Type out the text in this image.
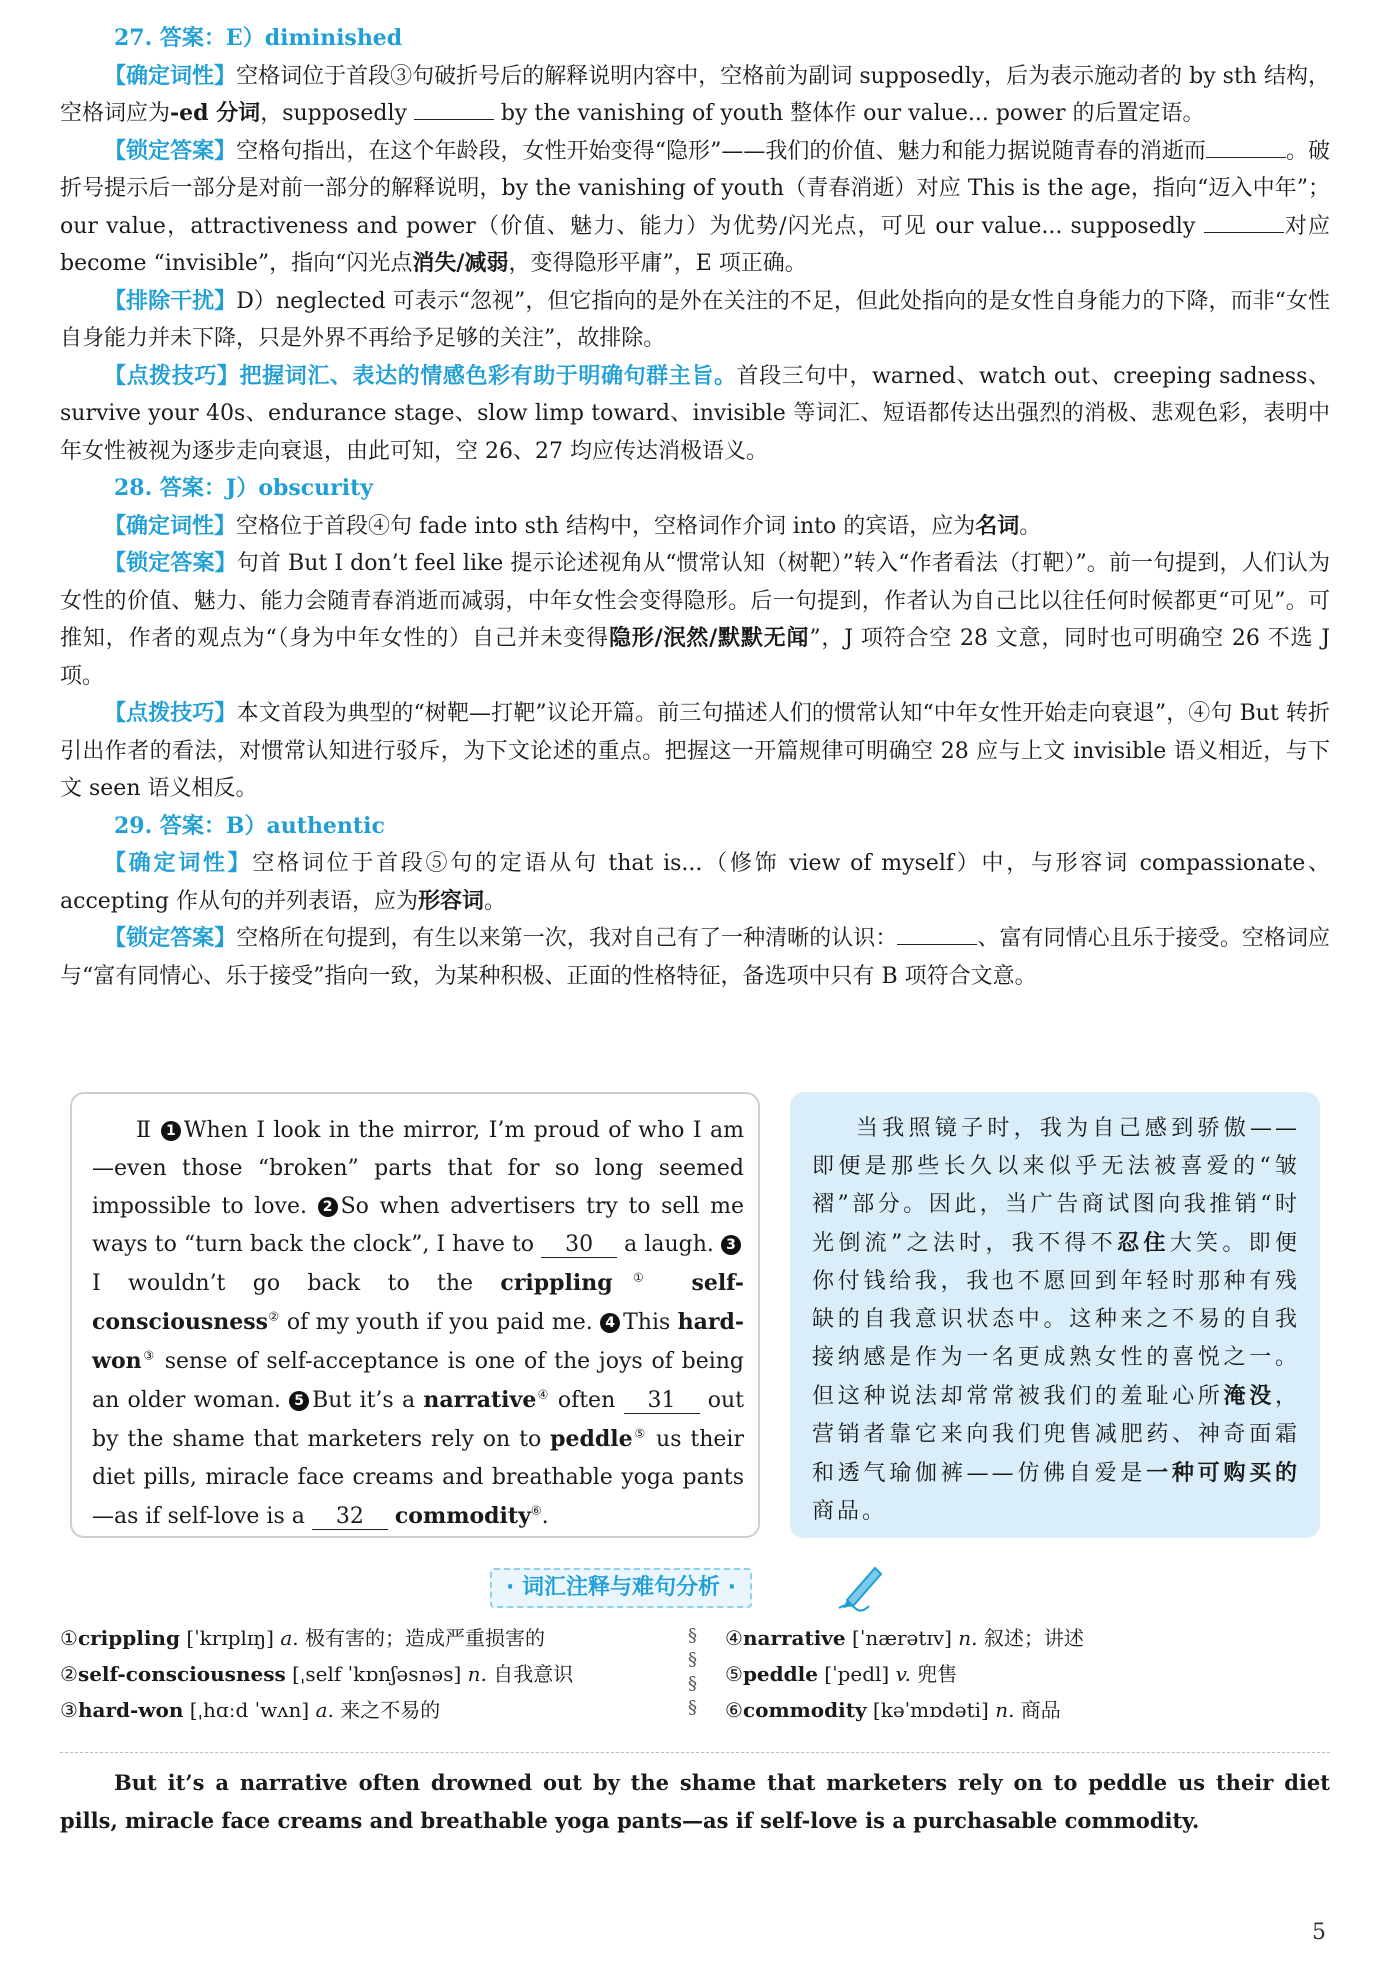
27. 答案：E）diminished

【确定词性】空格词位于首段③句破折号后的解释说明内容中，空格前为副词 supposedly，后为表示施动者的 by sth 结构，空格词应为-ed 分词，supposedly	by the vanishing of youth 整体作 our value... power 的后置定语。

【锁定答案】空格句指出，在这个年龄段，女性开始变得“隐形”——我们的价值、魅力和能力据说随青春的消逝而	。破折号提示后一部分是对前一部分的解释说明，by the vanishing of youth（青春消逝）对应 This is the age，指向“迈入中年”；our value，attractiveness and power（价值、魅力、能力）为优势/闪光点，可见 our value... supposedly	对应 become “invisible”，指向“闪光点消失/减弱，变得隐形平庸”，E 项正确。

【排除干扰】D）neglected 可表示“忽视”，但它指向的是外在关注的不足，但此处指向的是女性自身能力的下降，而非“女性自身能力并未下降，只是外界不再给予足够的关注”，故排除。

【点拨技巧】把握词汇、表达的情感色彩有助于明确句群主旨。首段三句中，warned、watch out、creeping sadness、survive your 40s、endurance stage、slow limp toward、invisible 等词汇、短语都传达出强烈的消极、悲观色彩，表明中年女性被视为逐步走向衰退，由此可知，空 26、27 均应传达消极语义。

28. 答案：J）obscurity

【确定词性】空格位于首段④句 fade into sth 结构中，空格词作介词 into 的宾语，应为名词。

【锁定答案】句首 But I don’t feel like 提示论述视角从“惯常认知（树靶）”转入“作者看法（打靶）”。前一句提到，人们认为女性的价值、魅力、能力会随青春消逝而减弱，中年女性会变得隐形。后一句提到，作者认为自己比以往任何时候都更“可见”。可推知，作者的观点为“（身为中年女性的）自己并未变得隐形/泯然/默默无闻”，J 项符合空 28 文意，同时也可明确空 26 不选 J 项。

【点拨技巧】本文首段为典型的“树靶—打靶”议论开篇。前三句描述人们的惯常认知“中年女性开始走向衰退”，④句 But 转折引出作者的看法，对惯常认知进行驳斥，为下文论述的重点。把握这一开篇规律可明确空 28 应与上文 invisible 语义相近，与下文 seen 语义相反。

29. 答案：B）authentic

【确定词性】空格词位于首段⑤句的定语从句 that is...（修饰 view of myself）中，与形容词 compassionate、accepting 作从句的并列表语，应为形容词。

【锁定答案】空格所在句提到，有生以来第一次，我对自己有了一种清晰的认识：	、富有同情心且乐于接受。空格词应与“富有同情心、乐于接受”指向一致，为某种积极、正面的性格特征，备选项中只有 B 项符合文意。

Ⅱ 1 When I look in the mirror, I’m proud of who I am—even those “broken” parts that for so long seemed impossible to love. 2 So when advertisers try to sell me ways to “turn back the clock”, I have to 30 a laugh. 3I wouldn’t go back to the crippling① self-consciousness② of my youth if you paid me. 4 This hard-won③ sense of self-acceptance is one of the joys of being an older woman. 5 But it’s a narrative④ often 31 out by the shame that marketers rely on to peddle⑤ us their diet pills, miracle face creams and breathable yoga pants—as if self-love is a 32 commodity⑥.

当我照镜子时，我为自己感到骄傲——即便是那些长久以来似乎无法被喜爱的“皱褶”部分。因此，当广告商试图向我推销“时光倒流”之法时，我不得不忍住大笑。即便你付钱给我，我也不愿回到年轻时那种有残缺的自我意识状态中。这种来之不易的自我接纳感是作为一名更成熟女性的喜悦之一。但这种说法却常常被我们的羞耻心所淹没，营销者靠它来向我们兜售减肥药、神奇面霜和透气瑜伽裤——仿佛自爱是一种可购买的商品。

· 词汇注释与难句分析 ·
①crippling [ˈkrɪplɪŋ] a. 极有害的；造成严重损害的
②self-consciousness [ˌself ˈkɒnʃəsnəs] n. 自我意识
③hard-won [ˌhɑːd ˈwʌn] a. 来之不易的
§
§
§
§
④narrative [ˈnærətɪv] n. 叙述；讲述
⑤peddle [ˈpedl] v. 兜售
⑥commodity [kəˈmɒdəti] n. 商品

But it’s a narrative often drowned out by the shame that marketers rely on to peddle us their diet pills, miracle face creams and breathable yoga pants—as if self-love is a purchasable commodity.

5
